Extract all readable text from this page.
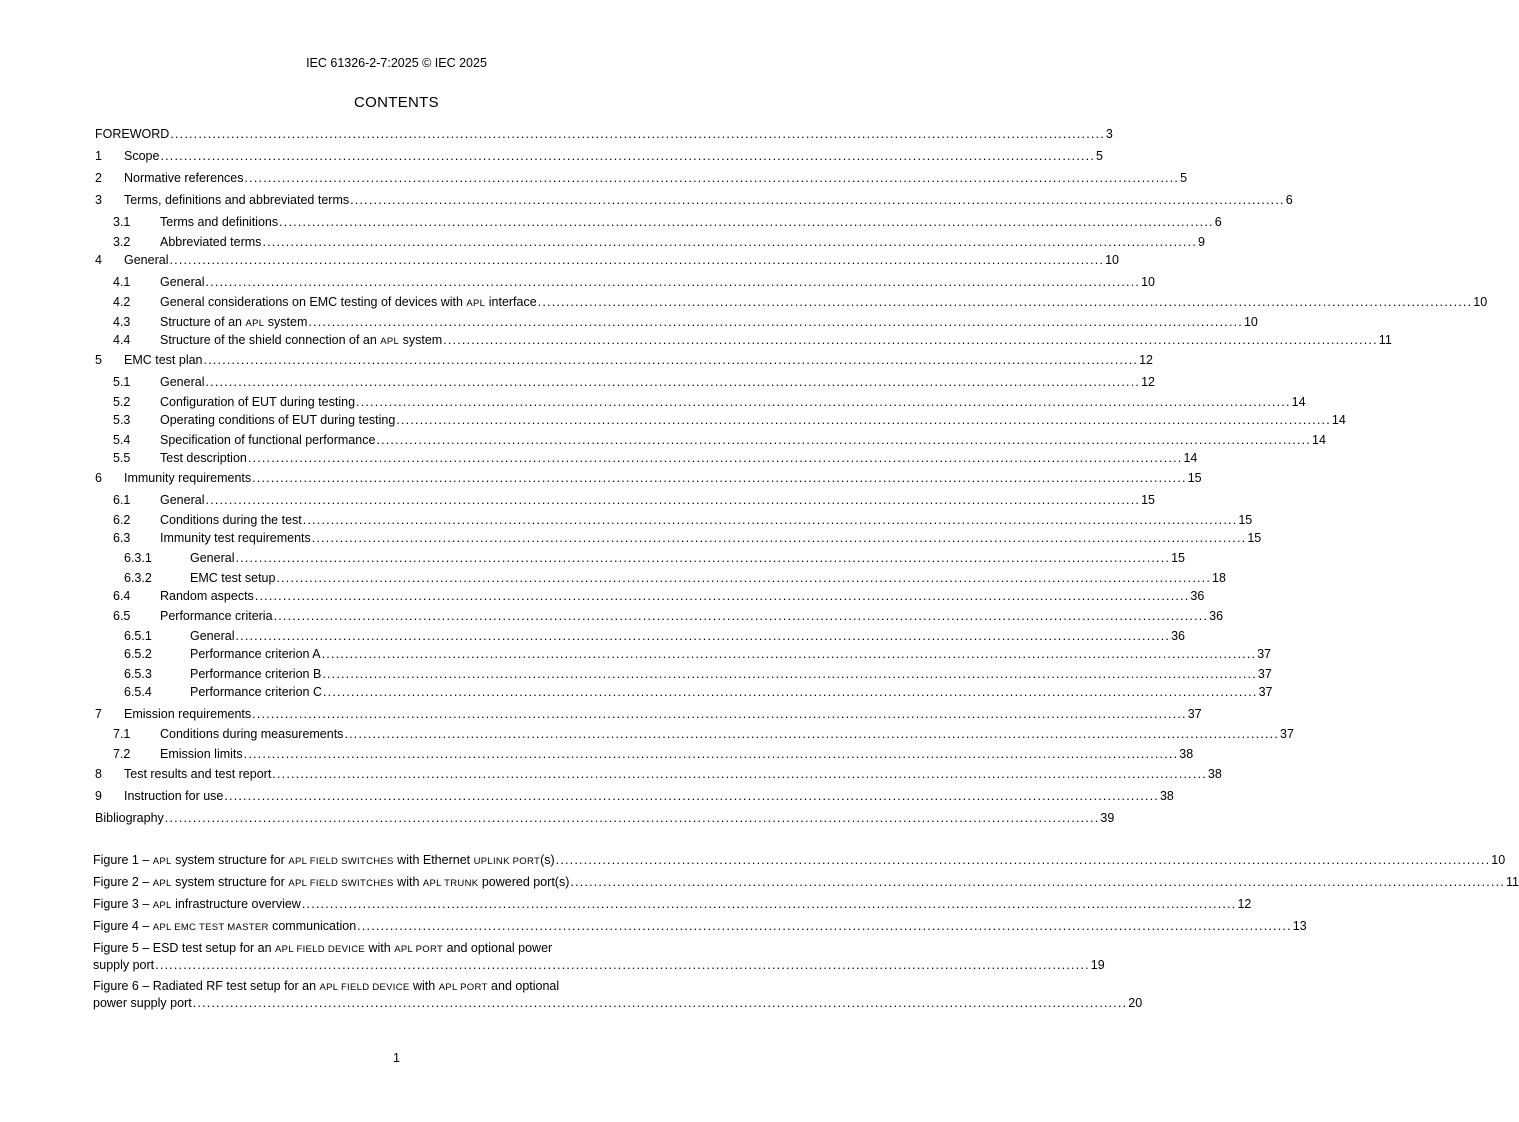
IEC 61326-2-7:2025 © IEC 2025
CONTENTS
FOREWORD ........................................................................................................................................................................................................ 3
1 Scope ........................................................................................................................................................................................................ 5
2 Normative references ........................................................................................................................................................................................................ 5
3 Terms, definitions and abbreviated terms ........................................................................................................................................................................................................ 6
3.1 Terms and definitions ........................................................................................................................................................................................................ 6
3.2 Abbreviated terms ........................................................................................................................................................................................................ 9
4 General ........................................................................................................................................................................................................ 10
4.1 General ........................................................................................................................................................................................................ 10
4.2 General considerations on EMC testing of devices with APL interface ........................................................................................................................................................................................................ 10
4.3 Structure of an APL system ........................................................................................................................................................................................................ 10
4.4 Structure of the shield connection of an APL system ........................................................................................................................................................................................................ 11
5 EMC test plan ........................................................................................................................................................................................................ 12
5.1 General ........................................................................................................................................................................................................ 12
5.2 Configuration of EUT during testing ........................................................................................................................................................................................................ 14
5.3 Operating conditions of EUT during testing ........................................................................................................................................................................................................ 14
5.4 Specification of functional performance ........................................................................................................................................................................................................ 14
5.5 Test description ........................................................................................................................................................................................................ 14
6 Immunity requirements ........................................................................................................................................................................................................ 15
6.1 General ........................................................................................................................................................................................................ 15
6.2 Conditions during the test ........................................................................................................................................................................................................ 15
6.3 Immunity test requirements ........................................................................................................................................................................................................ 15
6.3.1	General ........................................................................................................................................................................................................ 15
6.3.2	EMC test setup ........................................................................................................................................................................................................ 18
6.4 Random aspects ........................................................................................................................................................................................................ 36
6.5 Performance criteria ........................................................................................................................................................................................................ 36
6.5.1	General ........................................................................................................................................................................................................ 36
6.5.2	Performance criterion A ........................................................................................................................................................................................................ 37
6.5.3	Performance criterion B ........................................................................................................................................................................................................ 37
6.5.4	Performance criterion C ........................................................................................................................................................................................................ 37
7 Emission requirements ........................................................................................................................................................................................................ 37
7.1 Conditions during measurements ........................................................................................................................................................................................................ 37
7.2 Emission limits ........................................................................................................................................................................................................ 38
8 Test results and test report ........................................................................................................................................................................................................ 38
9 Instruction for use ........................................................................................................................................................................................................ 38
Bibliography ........................................................................................................................................................................................................ 39
Figure 1 – APL system structure for APL FIELD SWITCHES with Ethernet UPLINK PORT(s) ........................................................................................................................................................................................................ 10
Figure 2 – APL system structure for APL FIELD SWITCHES with APL TRUNK powered port(s) ........................................................................................................................................................................................................ 11
Figure 3 – APL infrastructure overview ........................................................................................................................................................................................................ 12
Figure 4 – APL EMC TEST MASTER communication ........................................................................................................................................................................................................ 13
Figure 5 – ESD test setup for an APL FIELD DEVICE with APL PORT and optional power
supply port ........................................................................................................................................................................................................ 19
Figure 6 – Radiated RF test setup for an APL FIELD DEVICE with APL PORT and optional
power supply port ........................................................................................................................................................................................................ 20
1
